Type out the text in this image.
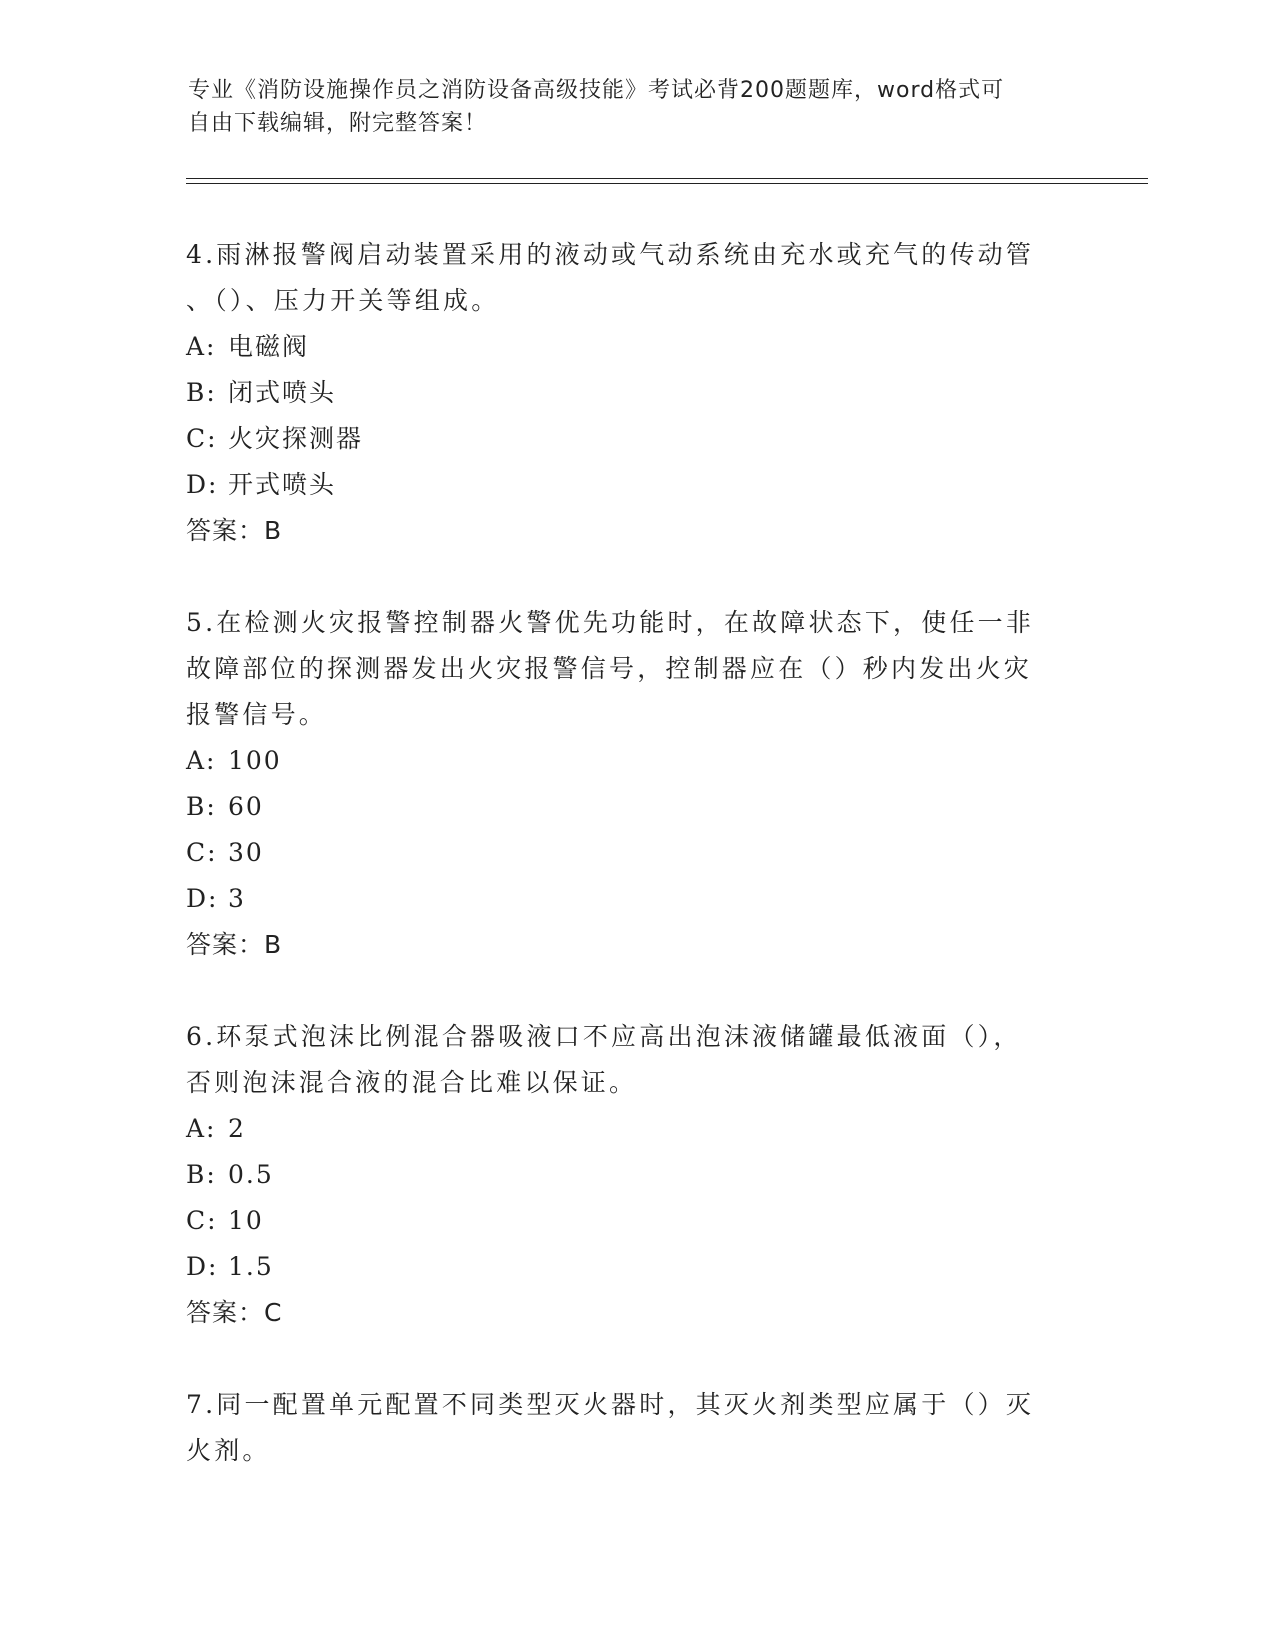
专业《消防设施操作员之消防设备高级技能》考试必背200题题库，word格式可
自由下载编辑，附完整答案！
4.雨淋报警阀启动装置采用的液动或气动系统由充水或充气的传动管
、（）、压力开关等组成。
A: 电磁阀
B: 闭式喷头
C: 火灾探测器
D: 开式喷头
答案：B
5.在检测火灾报警控制器火警优先功能时，在故障状态下，使任一非
故障部位的探测器发出火灾报警信号，控制器应在（）秒内发出火灾
报警信号。
A: 100
B: 60
C: 30
D: 3
答案：B
6.环泵式泡沫比例混合器吸液口不应高出泡沫液储罐最低液面（），
否则泡沫混合液的混合比难以保证。
A: 2
B: 0.5
C: 10
D: 1.5
答案：C
7.同一配置单元配置不同类型灭火器时，其灭火剂类型应属于（）灭
火剂。
